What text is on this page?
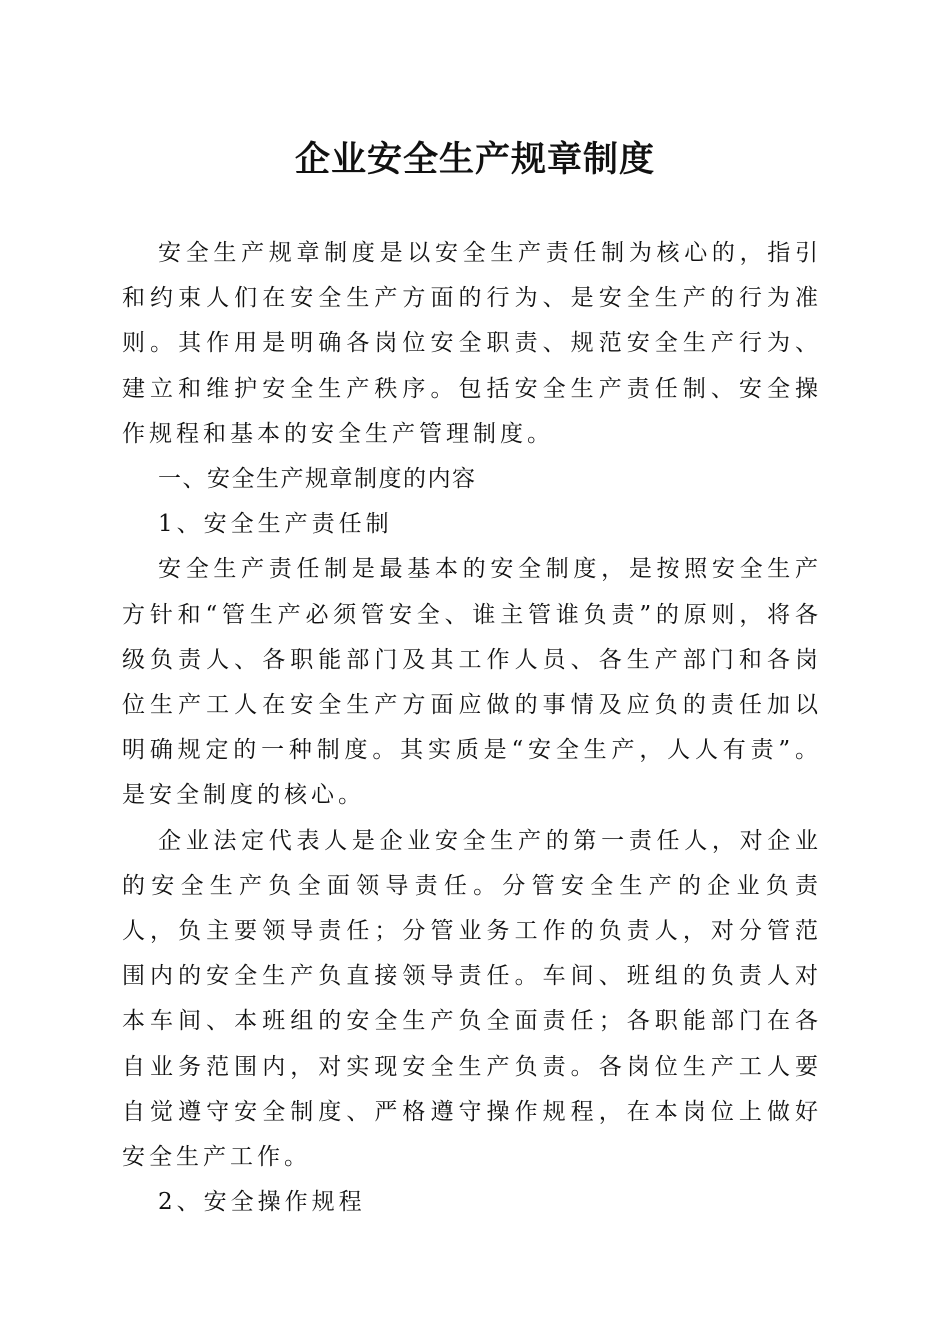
企业安全生产规章制度

安全生产规章制度是以安全生产责任制为核心的，指引和约束人们在安全生产方面的行为、是安全生产的行为准则。其作用是明确各岗位安全职责、规范安全生产行为、建立和维护安全生产秩序。包括安全生产责任制、安全操作规程和基本的安全生产管理制度。

一、安全生产规章制度的内容

1、安全生产责任制

安全生产责任制是最基本的安全制度，是按照安全生产方针和“管生产必须管安全、谁主管谁负责”的原则，将各级负责人、各职能部门及其工作人员、各生产部门和各岗位生产工人在安全生产方面应做的事情及应负的责任加以明确规定的一种制度。其实质是“安全生产，人人有责”。是安全制度的核心。

企业法定代表人是企业安全生产的第一责任人，对企业的安全生产负全面领导责任。分管安全生产的企业负责人，负主要领导责任；分管业务工作的负责人，对分管范围内的安全生产负直接领导责任。车间、班组的负责人对本车间、本班组的安全生产负全面责任；各职能部门在各自业务范围内，对实现安全生产负责。各岗位生产工人要自觉遵守安全制度、严格遵守操作规程，在本岗位上做好安全生产工作。

2、安全操作规程
